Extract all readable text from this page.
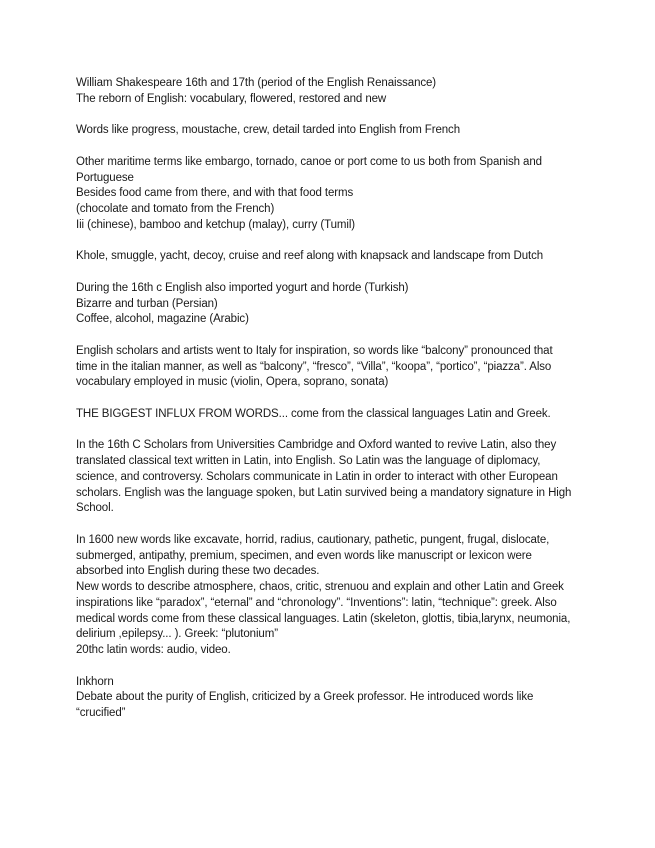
William Shakespeare 16th and 17th (period of the English Renaissance)
The reborn of English: vocabulary, flowered, restored and new
Words like progress, moustache, crew, detail tarded into English from French
Other maritime terms like embargo, tornado, canoe or port come to us both from Spanish and Portuguese
Besides food came from there, and with that food terms
(chocolate and tomato from the French)
Iii (chinese), bamboo and ketchup (malay), curry (Tumil)
Khole, smuggle, yacht, decoy, cruise and reef along with knapsack and landscape from Dutch
During the 16th c English also imported yogurt and horde (Turkish)
Bizarre and turban (Persian)
Coffee, alcohol, magazine (Arabic)
English scholars and artists went to Italy for inspiration, so words like “balcony” pronounced that time in the italian manner, as well as “balcony”, “fresco”, “Villa”, “koopa”, “portico”, “piazza”. Also vocabulary employed in music (violin, Opera, soprano, sonata)
THE BIGGEST INFLUX FROM WORDS... come from the classical languages Latin and Greek.
In the 16th C Scholars from Universities Cambridge and Oxford wanted to revive Latin, also they translated classical text written in Latin, into English. So Latin was the language of diplomacy, science, and controversy. Scholars communicate in Latin in order to interact with other European scholars. English was the language spoken, but Latin survived being a mandatory signature in High School.
In 1600 new words like excavate, horrid, radius, cautionary, pathetic, pungent, frugal, dislocate, submerged, antipathy, premium, specimen, and even words like manuscript or lexicon were absorbed into English during these two decades.
New words to describe atmosphere, chaos, critic, strenuou and explain and other Latin and Greek inspirations like “paradox”, “eternal” and “chronology”. “Inventions”: latin, “technique”: greek. Also medical words come from these classical languages. Latin (skeleton, glottis, tibia,larynx, neumonia, delirium ,epilepsy... ). Greek: “plutonium”
20thc latin words: audio, video.
Inkhorn
Debate about the purity of English, criticized by a Greek professor. He introduced words like “crucified”
